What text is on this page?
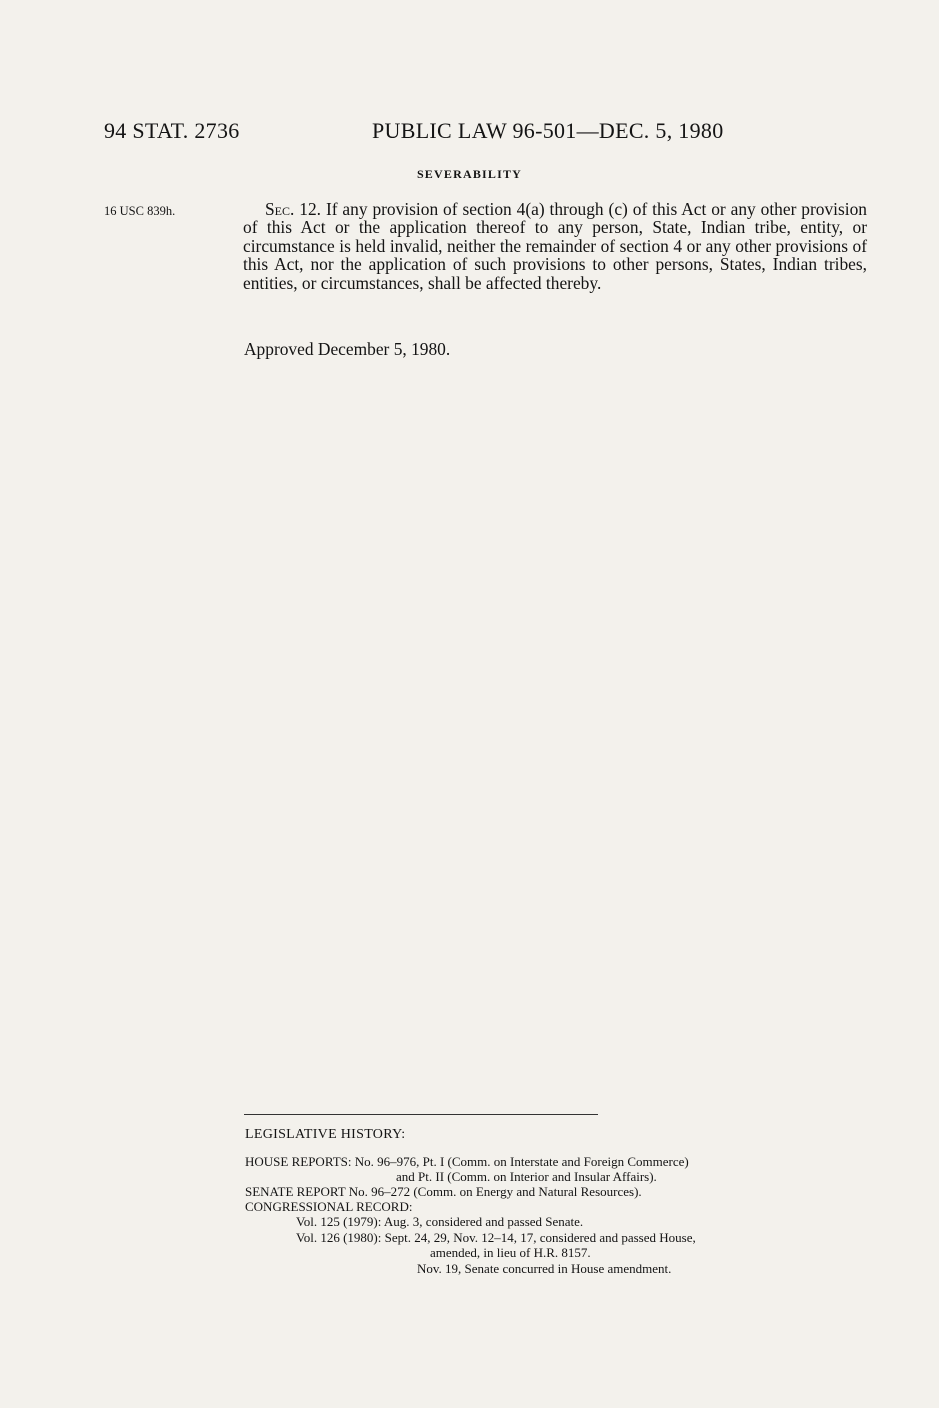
94 STAT. 2736	PUBLIC LAW 96-501—DEC. 5, 1980
SEVERABILITY
16 USC 839h.	Sec. 12. If any provision of section 4(a) through (c) of this Act or any other provision of this Act or the application thereof to any person, State, Indian tribe, entity, or circumstance is held invalid, neither the remainder of section 4 or any other provisions of this Act, nor the application of such provisions to other persons, States, Indian tribes, entities, or circumstances, shall be affected thereby.
Approved December 5, 1980.
LEGISLATIVE HISTORY:
HOUSE REPORTS: No. 96–976, Pt. I (Comm. on Interstate and Foreign Commerce)
and Pt. II (Comm. on Interior and Insular Affairs).
SENATE REPORT No. 96–272 (Comm. on Energy and Natural Resources).
CONGRESSIONAL RECORD:
Vol. 125 (1979): Aug. 3, considered and passed Senate.
Vol. 126 (1980): Sept. 24, 29, Nov. 12–14, 17, considered and passed House,
amended, in lieu of H.R. 8157.
Nov. 19, Senate concurred in House amendment.
